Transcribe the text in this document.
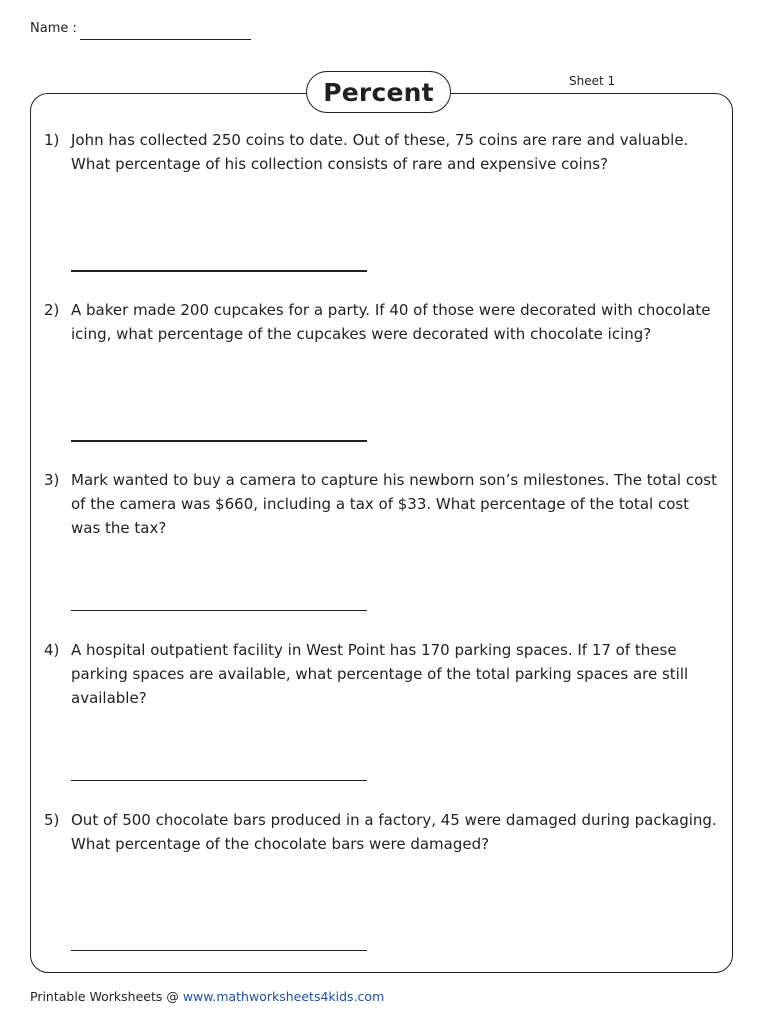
Name :
Sheet 1
Percent
1) John has collected 250 coins to date. Out of these, 75 coins are rare and valuable. What percentage of his collection consists of rare and expensive coins?
2) A baker made 200 cupcakes for a party. If 40 of those were decorated with chocolate icing, what percentage of the cupcakes were decorated with chocolate icing?
3) Mark wanted to buy a camera to capture his newborn son’s milestones. The total cost of the camera was $660, including a tax of $33. What percentage of the total cost was the tax?
4) A hospital outpatient facility in West Point has 170 parking spaces. If 17 of these parking spaces are available, what percentage of the total parking spaces are still available?
5) Out of 500 chocolate bars produced in a factory, 45 were damaged during packaging. What percentage of the chocolate bars were damaged?
Printable Worksheets @ www.mathworksheets4kids.com
